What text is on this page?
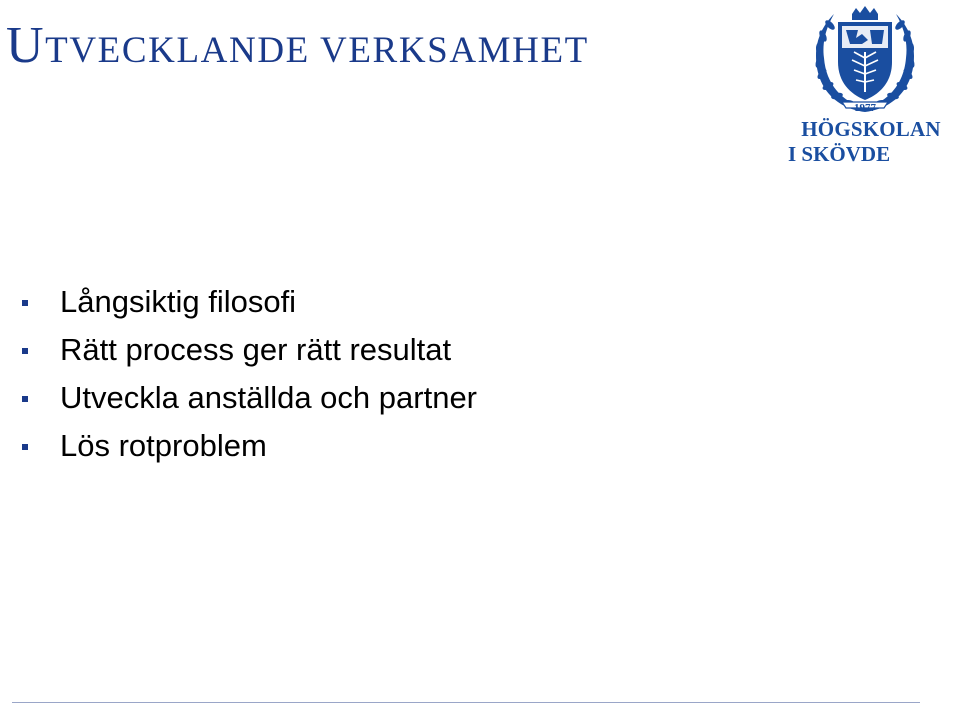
UTVECKLANDE VERKSAMHET
1977
HÖGSKOLAN
I SKÖVDE
Långsiktig filosofi
Rätt process ger rätt resultat
Utveckla anställda och partner
Lös rotproblem
